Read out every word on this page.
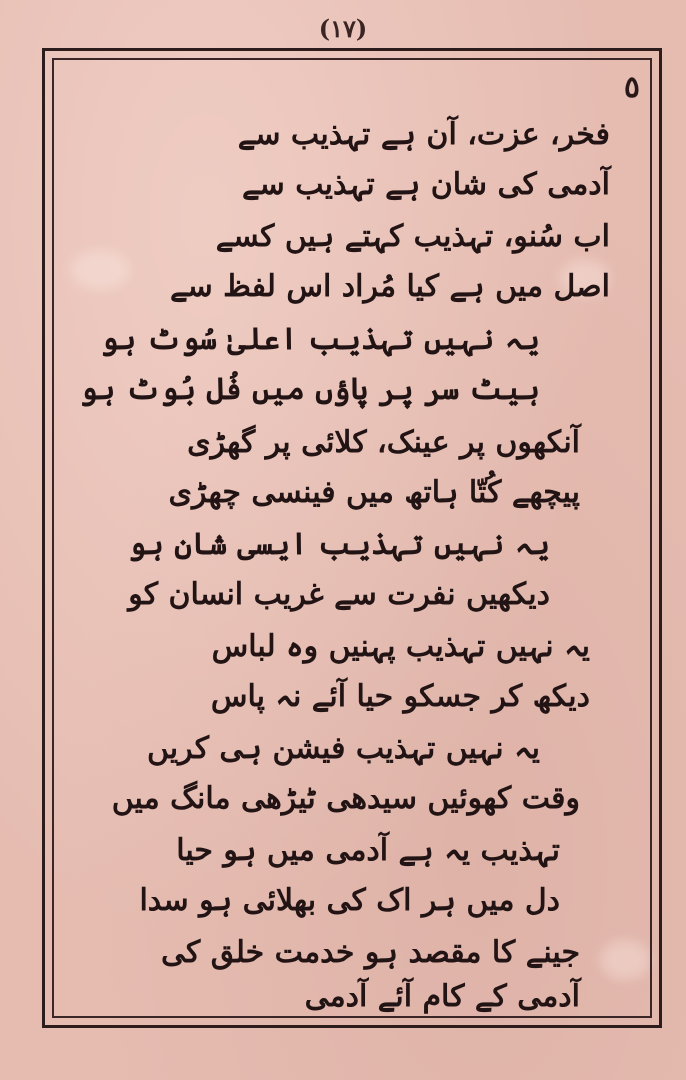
(١٧)
٥
فخر، عزت، آن ہے تہذیب سے
آدمی کی شان ہے تہذیب سے
اب سُنو، تہذیب کہتے ہیں کسے
اصل میں ہے کیا مُراد اس لفظ سے
یہ نہیں تہذیب اعلیٰ سُوٹ ہو
ہیٹ سر پر پاؤں میں فُل بُوٹ ہو
آنکھوں پر عینک، کلائی پر گھڑی
پیچھے کُتّا ہاتھ میں فینسی چھڑی
یہ نہیں تہذیب ایسی شان ہو
دیکھیں نفرت سے غریب انسان کو
یہ نہیں تہذیب پہنیں وہ لباس
دیکھ کر جسکو حیا آئے نہ پاس
یہ نہیں تہذیب فیشن ہی کریں
وقت کھوئیں سیدھی ٹیڑھی مانگ میں
تہذیب یہ ہے آدمی میں ہو حیا
دل میں ہر اک کی بھلائی ہو سدا
جینے کا مقصد ہو خدمت خلق کی
آدمی کے کام آئے آدمی
